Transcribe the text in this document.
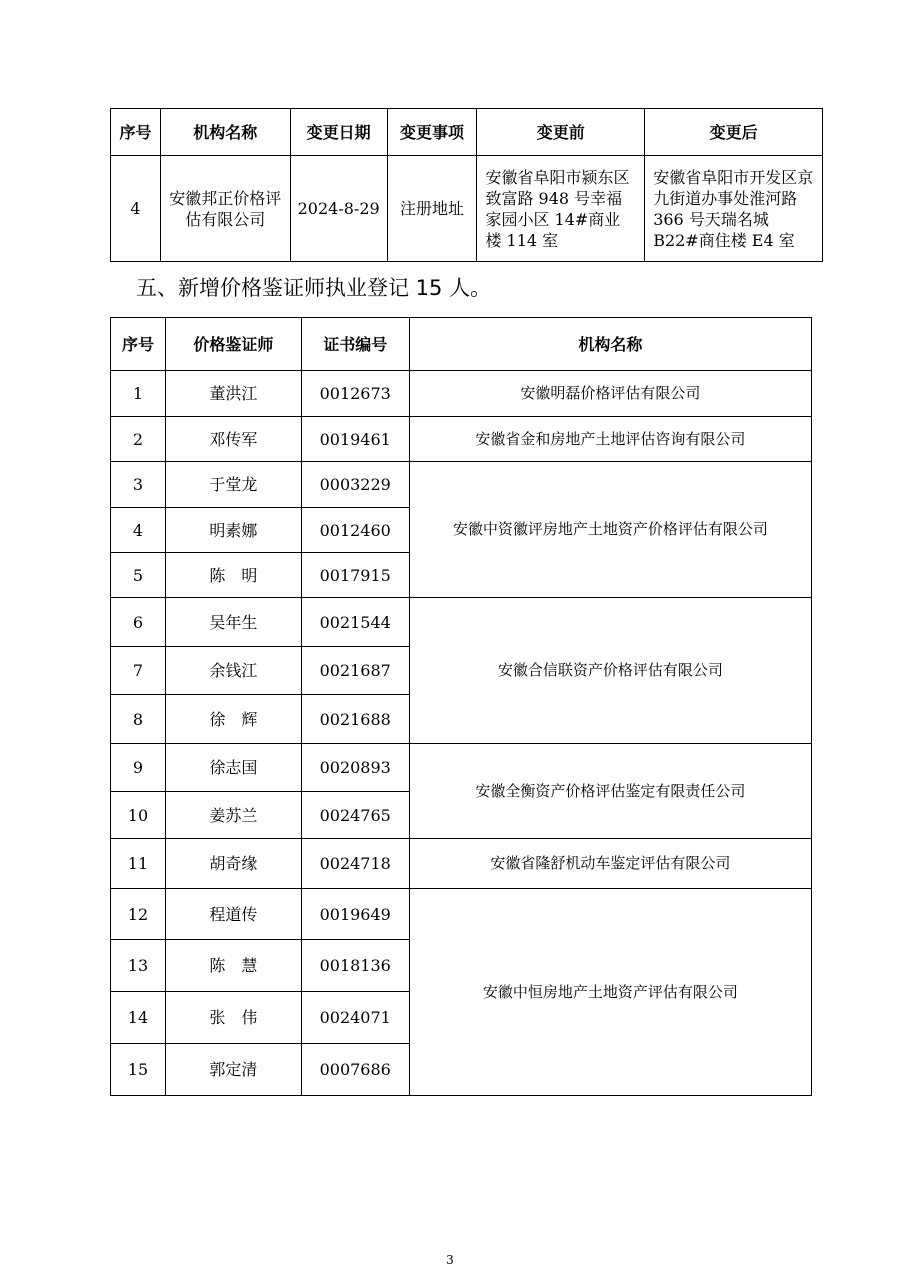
序号	机构名称	变更日期	变更事项	变更前	变更后
4	安徽邦正价格评估有限公司	2024-8-29	注册地址	安徽省阜阳市颍东区致富路 948 号幸福家园小区 14#商业楼 114 室	安徽省阜阳市开发区京九街道办事处淮河路 366 号天瑞名城 B22#商住楼 E4 室
五、新增价格鉴证师执业登记 15 人。
序号	价格鉴证师	证书编号	机构名称
1	董洪江	0012673	安徽明磊价格评估有限公司
2	邓传军	0019461	安徽省金和房地产土地评估咨询有限公司
3	于堂龙	0003229	安徽中资徽评房地产土地资产价格评估有限公司
4	明素娜	0012460	
5	陈　明	0017915	
6	吴年生	0021544	安徽合信联资产价格评估有限公司
7	余钱江	0021687	
8	徐　辉	0021688	
9	徐志国	0020893	安徽全衡资产价格评估鉴定有限责任公司
10	姜苏兰	0024765	
11	胡奇缘	0024718	安徽省隆舒机动车鉴定评估有限公司
12	程道传	0019649	安徽中恒房地产土地资产评估有限公司
13	陈　慧	0018136	
14	张　伟	0024071	
15	郭定清	0007686	
3
